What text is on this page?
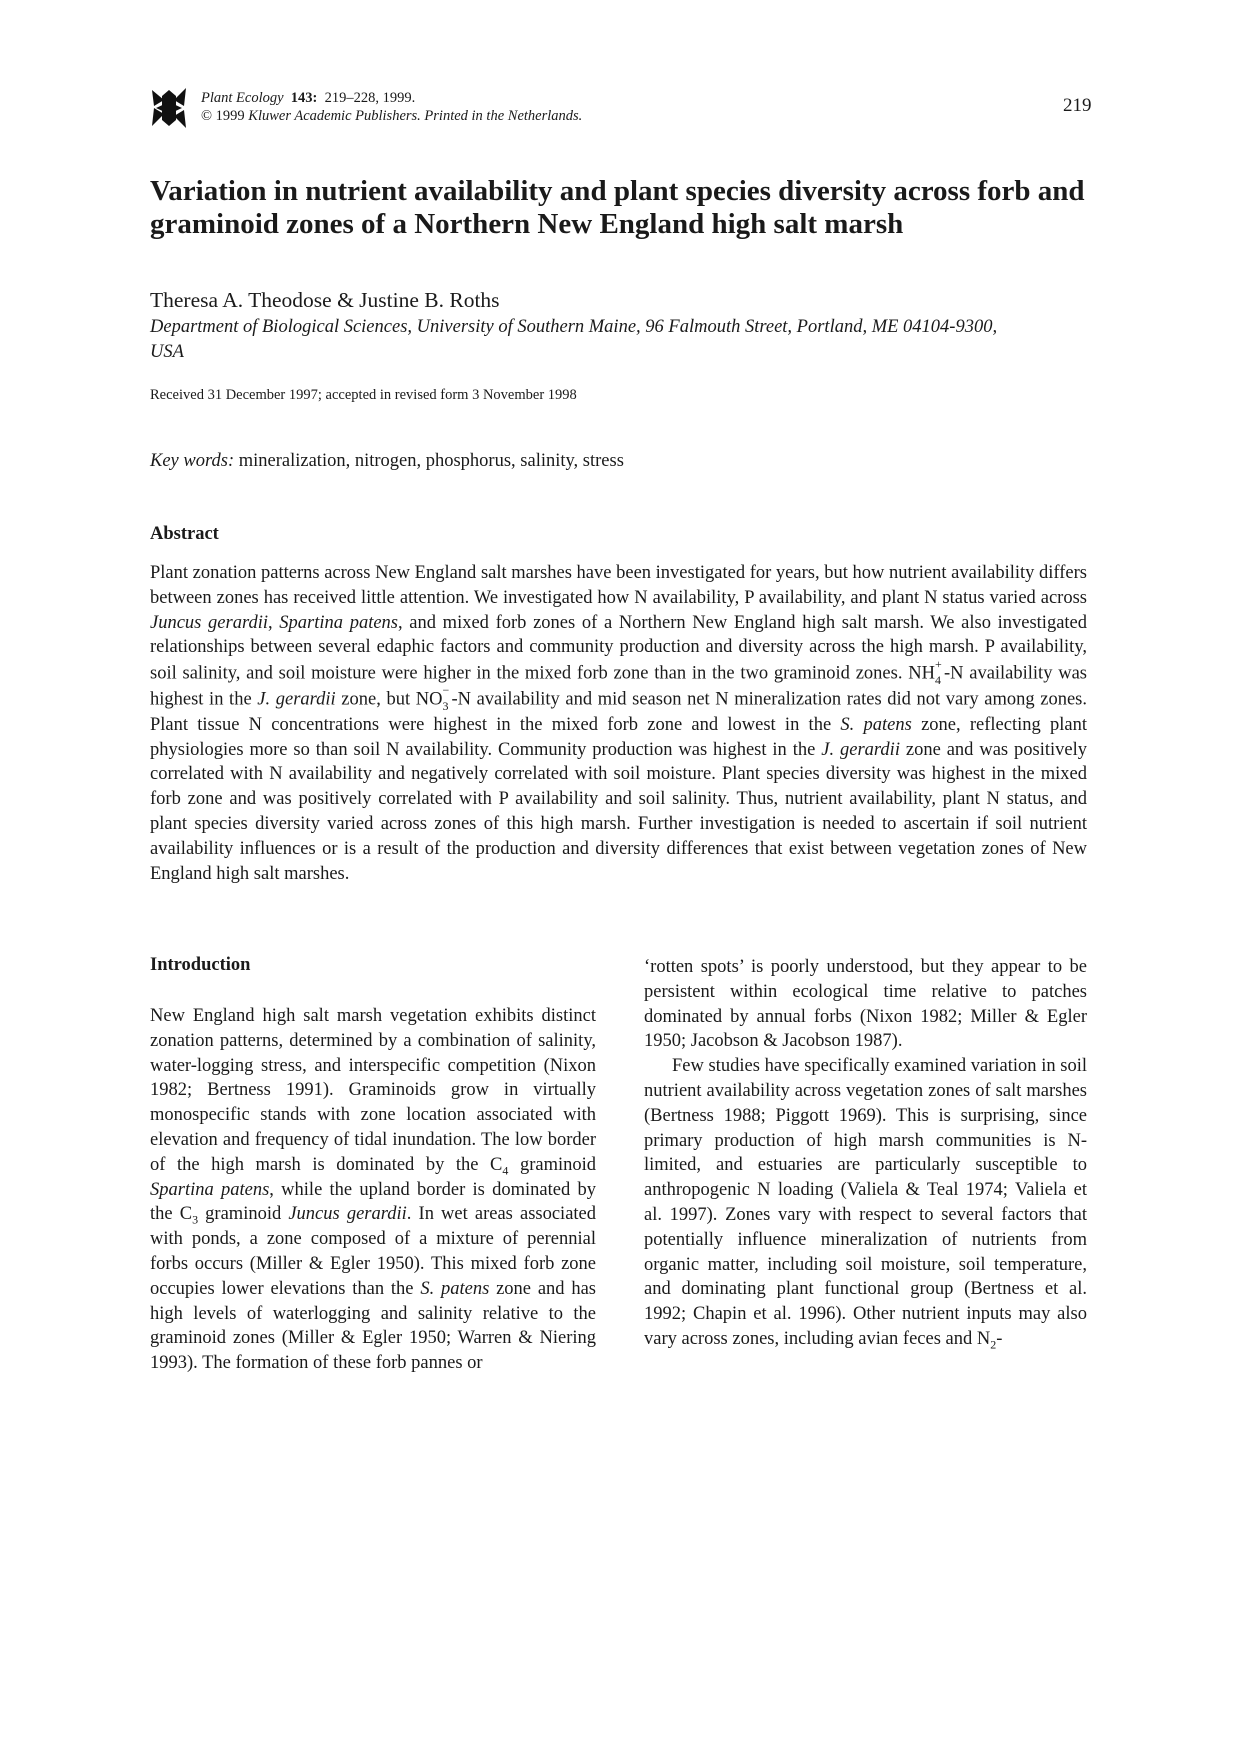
Plant Ecology 143: 219–228, 1999.
© 1999 Kluwer Academic Publishers. Printed in the Netherlands.	219
Variation in nutrient availability and plant species diversity across forb and graminoid zones of a Northern New England high salt marsh
Theresa A. Theodose & Justine B. Roths
Department of Biological Sciences, University of Southern Maine, 96 Falmouth Street, Portland, ME 04104-9300, USA
Received 31 December 1997; accepted in revised form 3 November 1998
Key words: mineralization, nitrogen, phosphorus, salinity, stress
Abstract

Plant zonation patterns across New England salt marshes have been investigated for years, but how nutrient availability differs between zones has received little attention. We investigated how N availability, P availability, and plant N status varied across Juncus gerardii, Spartina patens, and mixed forb zones of a Northern New England high salt marsh. We also investigated relationships between several edaphic factors and community production and diversity across the high marsh. P availability, soil salinity, and soil moisture were higher in the mixed forb zone than in the two graminoid zones. NH +
4 -N availability was highest in the J. gerardii zone, but NO −
3 -N availability and mid season net N mineralization rates did not vary among zones. Plant tissue N concentrations were highest in the mixed forb zone and lowest in the S. patens zone, reflecting plant physiologies more so than soil N availability. Community production was highest in the J. gerardii zone and was positively correlated with N availability and negatively correlated with soil moisture. Plant species diversity was highest in the mixed forb zone and was positively correlated with P availability and soil salinity. Thus, nutrient availability, plant N status, and plant species diversity varied across zones of this high marsh. Further investigation is needed to ascertain if soil nutrient availability influences or is a result of the production and diversity differences that exist between vegetation zones of New England high salt marshes.

Introduction

New England high salt marsh vegetation exhibits distinct zonation patterns, determined by a combination of salinity, water-logging stress, and interspecific competition (Nixon 1982; Bertness 1991). Graminoids grow in virtually monospecific stands with zone location associated with elevation and frequency of tidal inundation. The low border of the high marsh is dominated by the $C_4$ graminoid Spartina patens, while the upland border is dominated by the $C_3$ graminoid Juncus gerardii. In wet areas associated with ponds, a zone composed of a mixture of perennial forbs occurs (Miller & Egler 1950). This mixed forb zone occupies lower elevations than the S. patens zone and has high levels of waterlogging and salinity relative to the graminoid zones (Miller & Egler 1950; Warren & Niering 1993). The formation of these forb pannes or

‘rotten spots’ is poorly understood, but they appear to be persistent within ecological time relative to patches dominated by annual forbs (Nixon 1982; Miller & Egler 1950; Jacobson & Jacobson 1987).

Few studies have specifically examined variation in soil nutrient availability across vegetation zones of salt marshes (Bertness 1988; Piggott 1969). This is surprising, since primary production of high marsh communities is N-limited, and estuaries are particularly susceptible to anthropogenic N loading (Valiela & Teal 1974; Valiela et al. 1997). Zones vary with respect to several factors that potentially influence mineralization of nutrients from organic matter, including soil moisture, soil temperature, and dominating plant functional group (Bertness et al. 1992; Chapin et al. 1996). Other nutrient inputs may also vary across zones, including avian feces and $N_2-$
